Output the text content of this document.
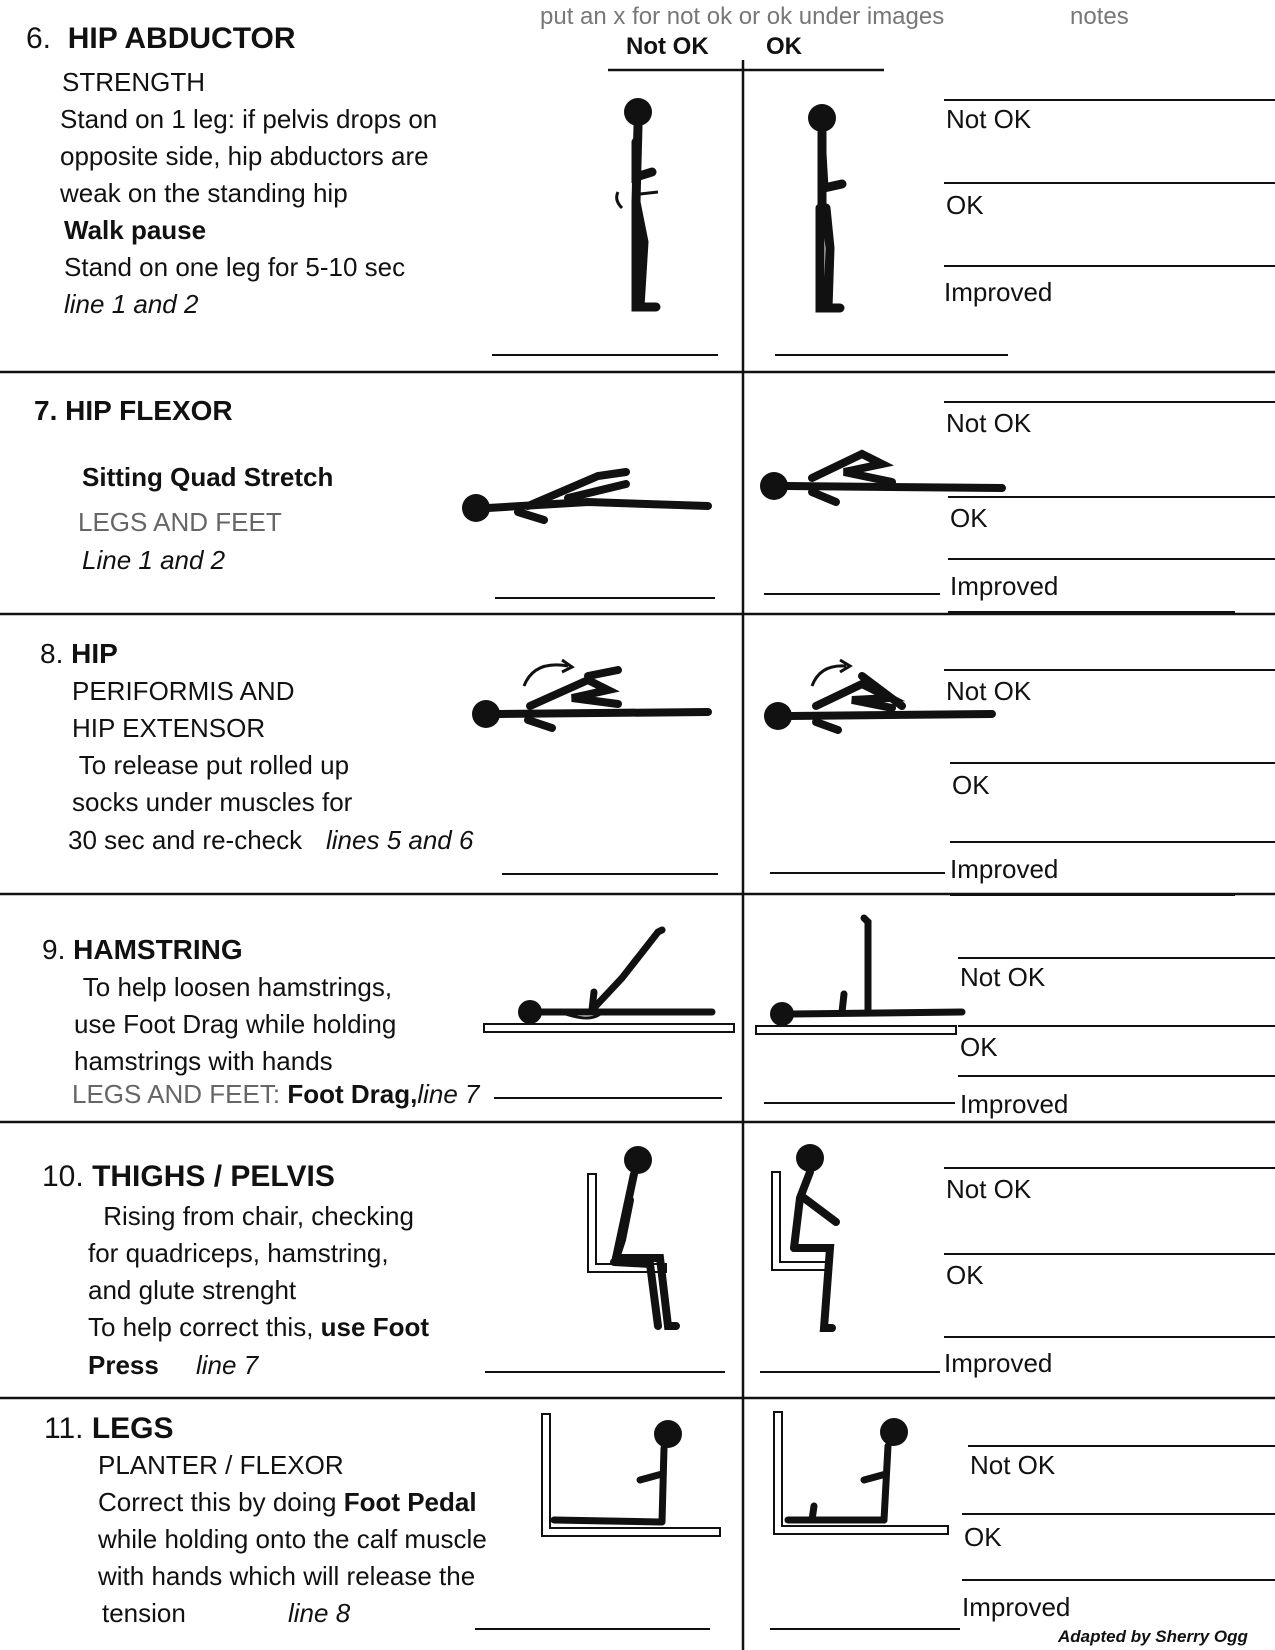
put an x for not ok or ok under images	notes
Not OK OK
6. HIP ABDUCTOR
STRENGTH
Stand on 1 leg: if pelvis drops on
opposite side, hip abductors are
weak on the standing hip
Walk pause
Stand on one leg for 5-10 sec
line 1 and 2
7. HIP FLEXOR
Sitting Quad Stretch
LEGS AND FEET
Line 1 and 2
8. HIP
PERIFORMIS AND
HIP EXTENSOR
To release put rolled up
socks under muscles for
30 sec and re-check lines 5 and 6
9. HAMSTRING
To help loosen hamstrings,
use Foot Drag while holding
hamstrings with hands
LEGS AND FEET: Foot Drag,line 7
10. THIGHS / PELVIS
Rising from chair, checking
for quadriceps, hamstring,
and glute strenght
To help correct this, use Foot
Press line 7
11. LEGS
PLANTER / FLEXOR
Correct this by doing Foot Pedal
while holding onto the calf muscle
with hands which will release the
tension	line 8
Not OK
OK
Improved
Not OK
OK
Improved
Not OK
OK
Improved
Not OK
OK
Improved
Not OK
OK
Improved
Not OK
OK
Improved
Adapted by Sherry Ogg
